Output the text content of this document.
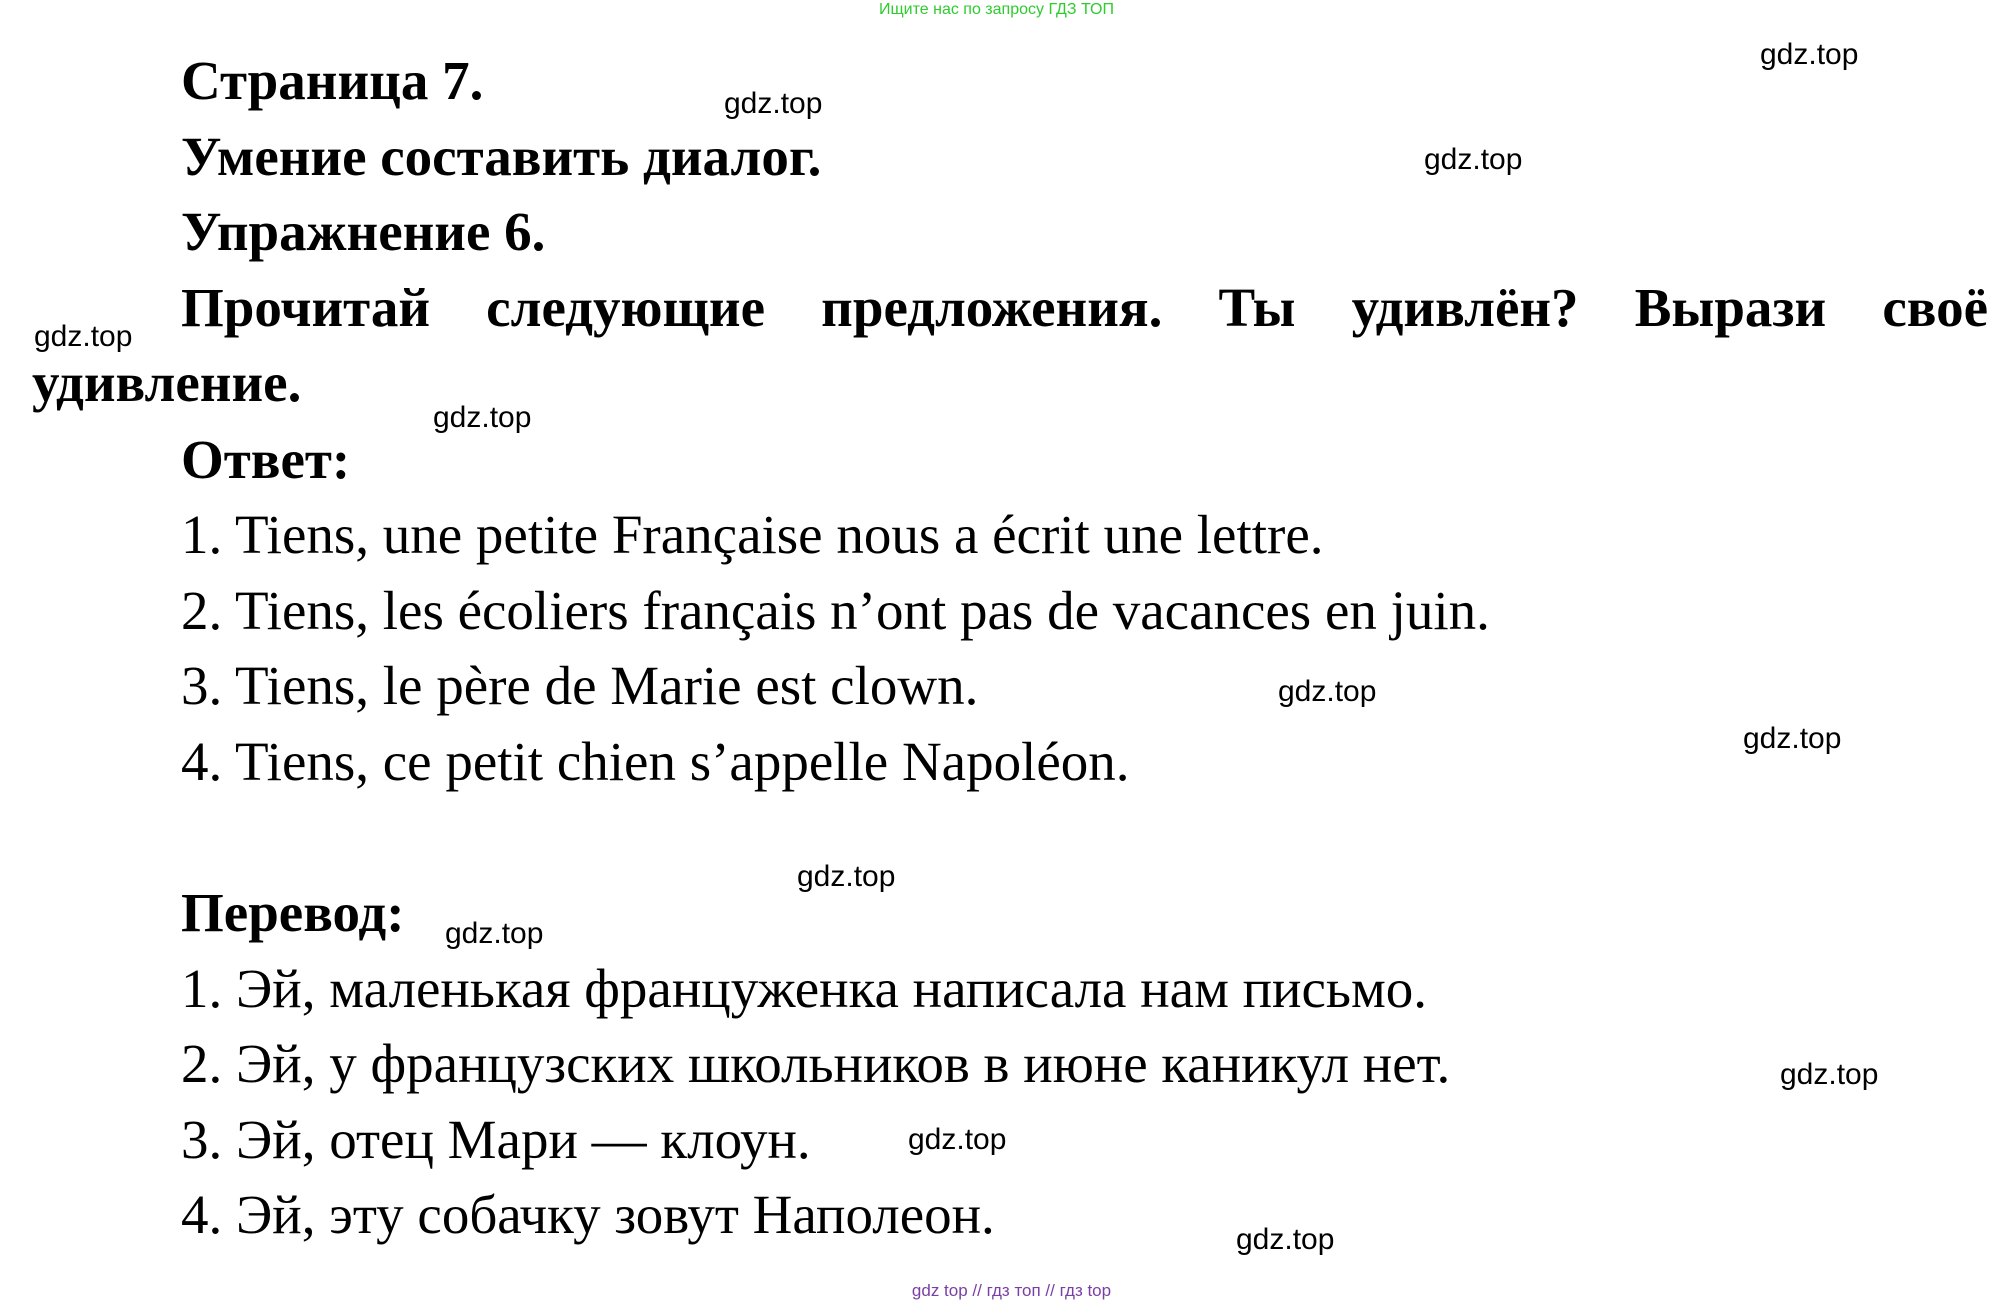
Ищите нас по запросу ГДЗ ТОП
Страница 7.
Умение составить диалог.
Упражнение 6.
Прочитай следующие предложения. Ты удивлён? Вырази своё
удивление.
Ответ:
1. Tiens, une petite Française nous a écrit une lettre.
2. Tiens, les écoliers français n’ont pas de vacances en juin.
3. Tiens, le père de Marie est clown.
4. Tiens, ce petit chien s’appelle Napoléon.
Перевод:
1. Эй, маленькая француженка написала нам письмо.
2. Эй, у французских школьников в июне каникул нет.
3. Эй, отец Мари — клоун.
4. Эй, эту собачку зовут Наполеон.
gdz.top
gdz.top
gdz.top
gdz.top
gdz.top
gdz.top
gdz.top
gdz.top
gdz.top
gdz.top
gdz.top
gdz.top
gdz top // гдз топ // гдз top
